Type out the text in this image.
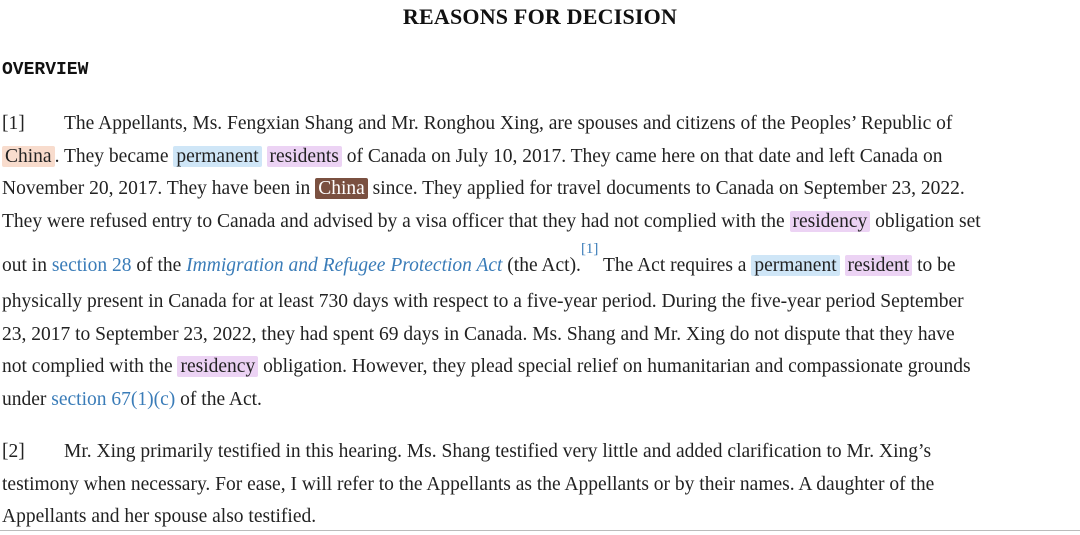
REASONS FOR DECISION
OVERVIEW
[1] The Appellants, Ms. Fengxian Shang and Mr. Ronghou Xing, are spouses and citizens of the Peoples’ Republic of
China . They became permanent residents of Canada on July 10, 2017. They came here on that date and left Canada on
November 20, 2017. They have been in China since. They applied for travel documents to Canada on September 23, 2022.
They were refused entry to Canada and advised by a visa officer that they had not complied with the residency obligation set
out in section 28 of the Immigration and Refugee Protection Act (the Act).[1] The Act requires a permanent resident to be
physically present in Canada for at least 730 days with respect to a five-year period. During the five-year period September
23, 2017 to September 23, 2022, they had spent 69 days in Canada. Ms. Shang and Mr. Xing do not dispute that they have
not complied with the residency obligation. However, they plead special relief on humanitarian and compassionate grounds
under section 67(1)(c) of the Act.
[2] Mr. Xing primarily testified in this hearing. Ms. Shang testified very little and added clarification to Mr. Xing’s
testimony when necessary. For ease, I will refer to the Appellants as the Appellants or by their names. A daughter of the
Appellants and her spouse also testified.
